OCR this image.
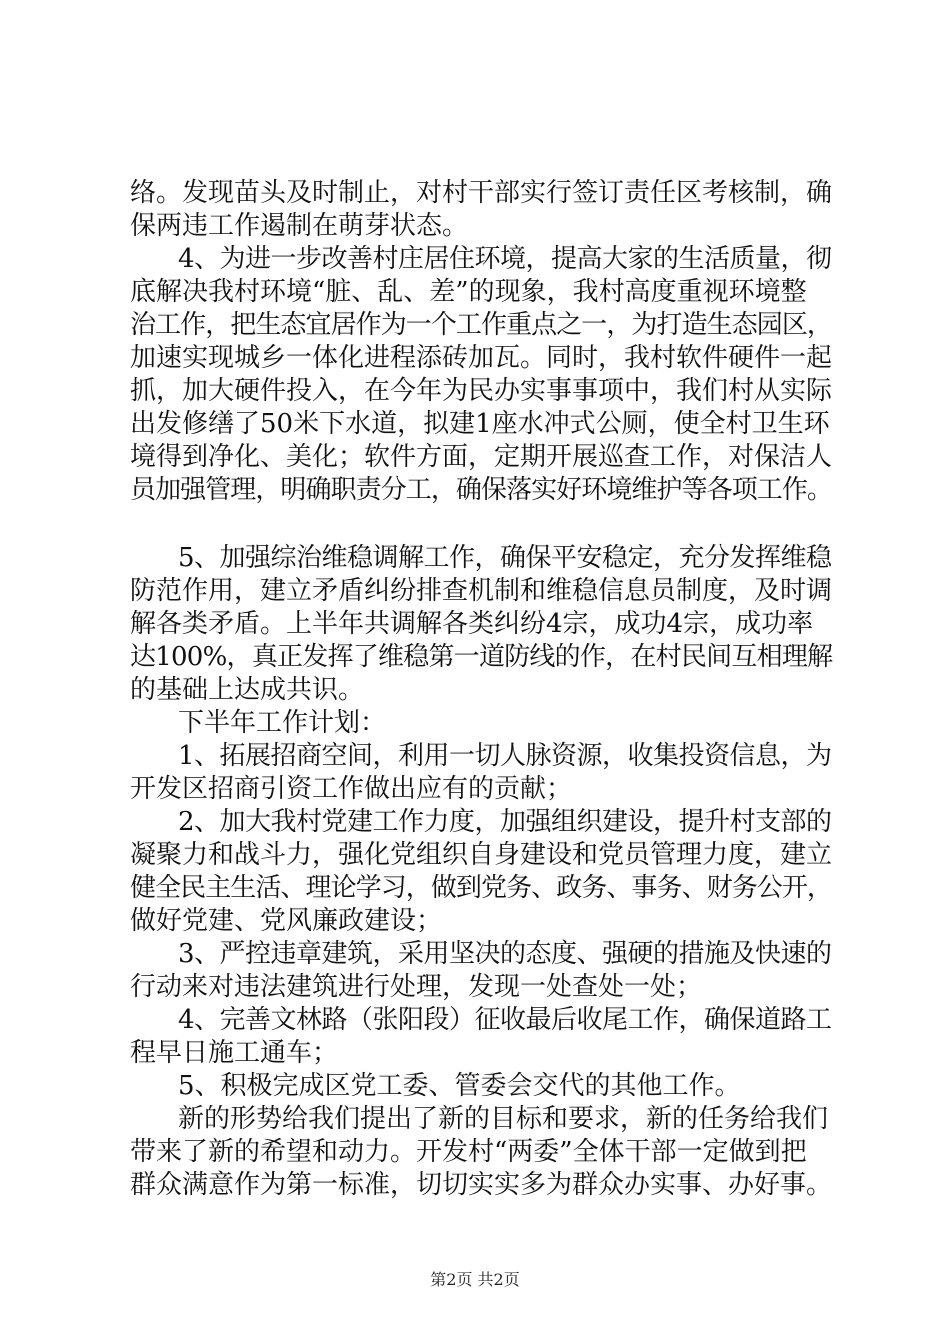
络。发现苗头及时制止，对村干部实行签订责任区考核制，确
保两违工作遏制在萌芽状态。
4、为进一步改善村庄居住环境，提高大家的生活质量，彻
底解决我村环境“脏、乱、差”的现象，我村高度重视环境整
治工作，把生态宜居作为一个工作重点之一，为打造生态园区，
加速实现城乡一体化进程添砖加瓦。同时，我村软件硬件一起
抓，加大硬件投入，在今年为民办实事事项中，我们村从实际
出发修缮了50米下水道，拟建1座水冲式公厕，使全村卫生环
境得到净化、美化；软件方面，定期开展巡查工作，对保洁人
员加强管理，明确职责分工，确保落实好环境维护等各项工作。
5、加强综治维稳调解工作，确保平安稳定，充分发挥维稳
防范作用，建立矛盾纠纷排查机制和维稳信息员制度，及时调
解各类矛盾。上半年共调解各类纠纷4宗，成功4宗，成功率
达100%，真正发挥了维稳第一道防线的作，在村民间互相理解
的基础上达成共识。
下半年工作计划：
1、拓展招商空间，利用一切人脉资源，收集投资信息，为
开发区招商引资工作做出应有的贡献；
2、加大我村党建工作力度，加强组织建设，提升村支部的
凝聚力和战斗力，强化党组织自身建设和党员管理力度，建立
健全民主生活、理论学习，做到党务、政务、事务、财务公开，
做好党建、党风廉政建设；
3、严控违章建筑，采用坚决的态度、强硬的措施及快速的
行动来对违法建筑进行处理，发现一处查处一处；
4、完善文林路（张阳段）征收最后收尾工作，确保道路工
程早日施工通车；
5、积极完成区党工委、管委会交代的其他工作。
新的形势给我们提出了新的目标和要求，新的任务给我们
带来了新的希望和动力。开发村“两委”全体干部一定做到把
群众满意作为第一标准，切切实实多为群众办实事、办好事。
第2页 共2页
